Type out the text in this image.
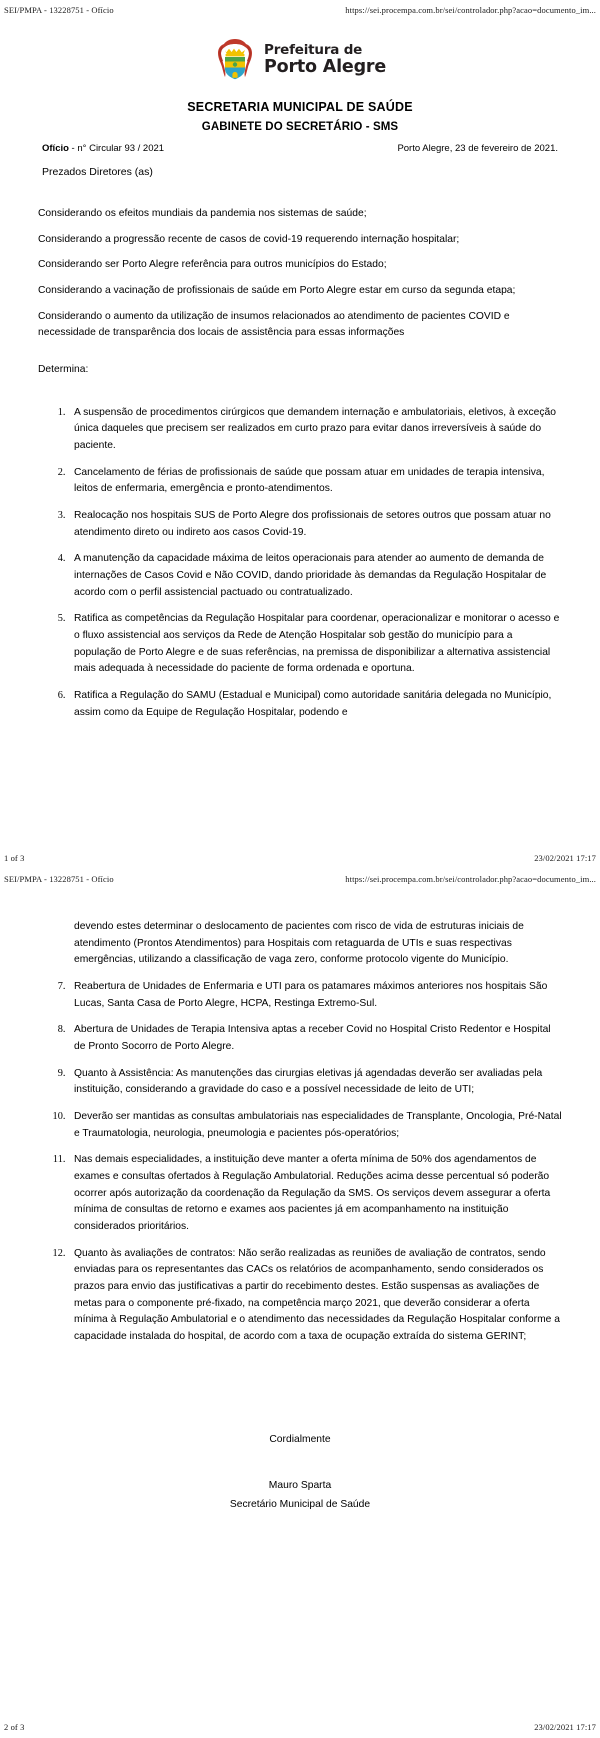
SEI/PMPA - 13228751 - Ofício	https://sei.procempa.com.br/sei/controlador.php?acao=documento_im...
Prefeitura de
Porto Alegre
SECRETARIA MUNICIPAL DE SAÚDE
GABINETE DO SECRETÁRIO - SMS
Ofício - n° Circular 93 / 2021	Porto Alegre, 23 de fevereiro de 2021.
Prezados Diretores (as)

Considerando os efeitos mundiais da pandemia nos sistemas de saúde;

Considerando a progressão recente de casos de covid-19 requerendo internação hospitalar;

Considerando ser Porto Alegre referência para outros municípios do Estado;

Considerando a vacinação de profissionais de saúde em Porto Alegre estar em curso da segunda etapa;

Considerando o aumento da utilização de insumos relacionados ao atendimento de pacientes COVID e necessidade de transparência dos locais de assistência para essas informações

Determina:
1. A suspensão de procedimentos cirúrgicos que demandem internação e ambulatoriais, eletivos, à exceção única daqueles que precisem ser realizados em curto prazo para evitar danos irreversíveis à saúde do paciente.
2. Cancelamento de férias de profissionais de saúde que possam atuar em unidades de terapia intensiva, leitos de enfermaria, emergência e pronto-atendimentos.
3. Realocação nos hospitais SUS de Porto Alegre dos profissionais de setores outros que possam atuar no atendimento direto ou indireto aos casos Covid-19.
4. A manutenção da capacidade máxima de leitos operacionais para atender ao aumento de demanda de internações de Casos Covid e Não COVID, dando prioridade às demandas da Regulação Hospitalar de acordo com o perfil assistencial pactuado ou contratualizado.
5. Ratifica as competências da Regulação Hospitalar para coordenar, operacionalizar e monitorar o acesso e o fluxo assistencial aos serviços da Rede de Atenção Hospitalar sob gestão do município para a população de Porto Alegre e de suas referências, na premissa de disponibilizar a alternativa assistencial mais adequada à necessidade do paciente de forma ordenada e oportuna.
6. Ratifica a Regulação do SAMU (Estadual e Municipal) como autoridade sanitária delegada no Município, assim como da Equipe de Regulação Hospitalar, podendo e
1 of 3	23/02/2021 17:17
SEI/PMPA - 13228751 - Ofício	https://sei.procempa.com.br/sei/controlador.php?acao=documento_im...

devendo estes determinar o deslocamento de pacientes com risco de vida de estruturas iniciais de atendimento (Prontos Atendimentos) para Hospitais com retaguarda de UTIs e suas respectivas emergências, utilizando a classificação de vaga zero, conforme protocolo vigente do Município.

7. Reabertura de Unidades de Enfermaria e UTI para os patamares máximos anteriores nos hospitais São Lucas, Santa Casa de Porto Alegre, HCPA, Restinga Extremo-Sul.
8. Abertura de Unidades de Terapia Intensiva aptas a receber Covid no Hospital Cristo Redentor e Hospital de Pronto Socorro de Porto Alegre.
9. Quanto à Assistência: As manutenções das cirurgias eletivas já agendadas deverão ser avaliadas pela instituição, considerando a gravidade do caso e a possível necessidade de leito de UTI;
10. Deverão ser mantidas as consultas ambulatoriais nas especialidades de Transplante, Oncologia, Pré-Natal e Traumatologia, neurologia, pneumologia e pacientes pós-operatórios;
11. Nas demais especialidades, a instituição deve manter a oferta mínima de 50% dos agendamentos de exames e consultas ofertados à Regulação Ambulatorial. Reduções acima desse percentual só poderão ocorrer após autorização da coordenação da Regulação da SMS. Os serviços devem assegurar a oferta mínima de consultas de retorno e exames aos pacientes já em acompanhamento na instituição considerados prioritários.
12. Quanto às avaliações de contratos: Não serão realizadas as reuniões de avaliação de contratos, sendo enviadas para os representantes das CACs os relatórios de acompanhamento, sendo considerados os prazos para envio das justificativas a partir do recebimento destes. Estão suspensas as avaliações de metas para o componente pré-fixado, na competência março 2021, que deverão considerar a oferta mínima à Regulação Ambulatorial e o atendimento das necessidades da Regulação Hospitalar conforme a capacidade instalada do hospital, de acordo com a taxa de ocupação extraída do sistema GERINT;
Cordialmente
Mauro Sparta
Secretário Municipal de Saúde
2 of 3	23/02/2021 17:17
